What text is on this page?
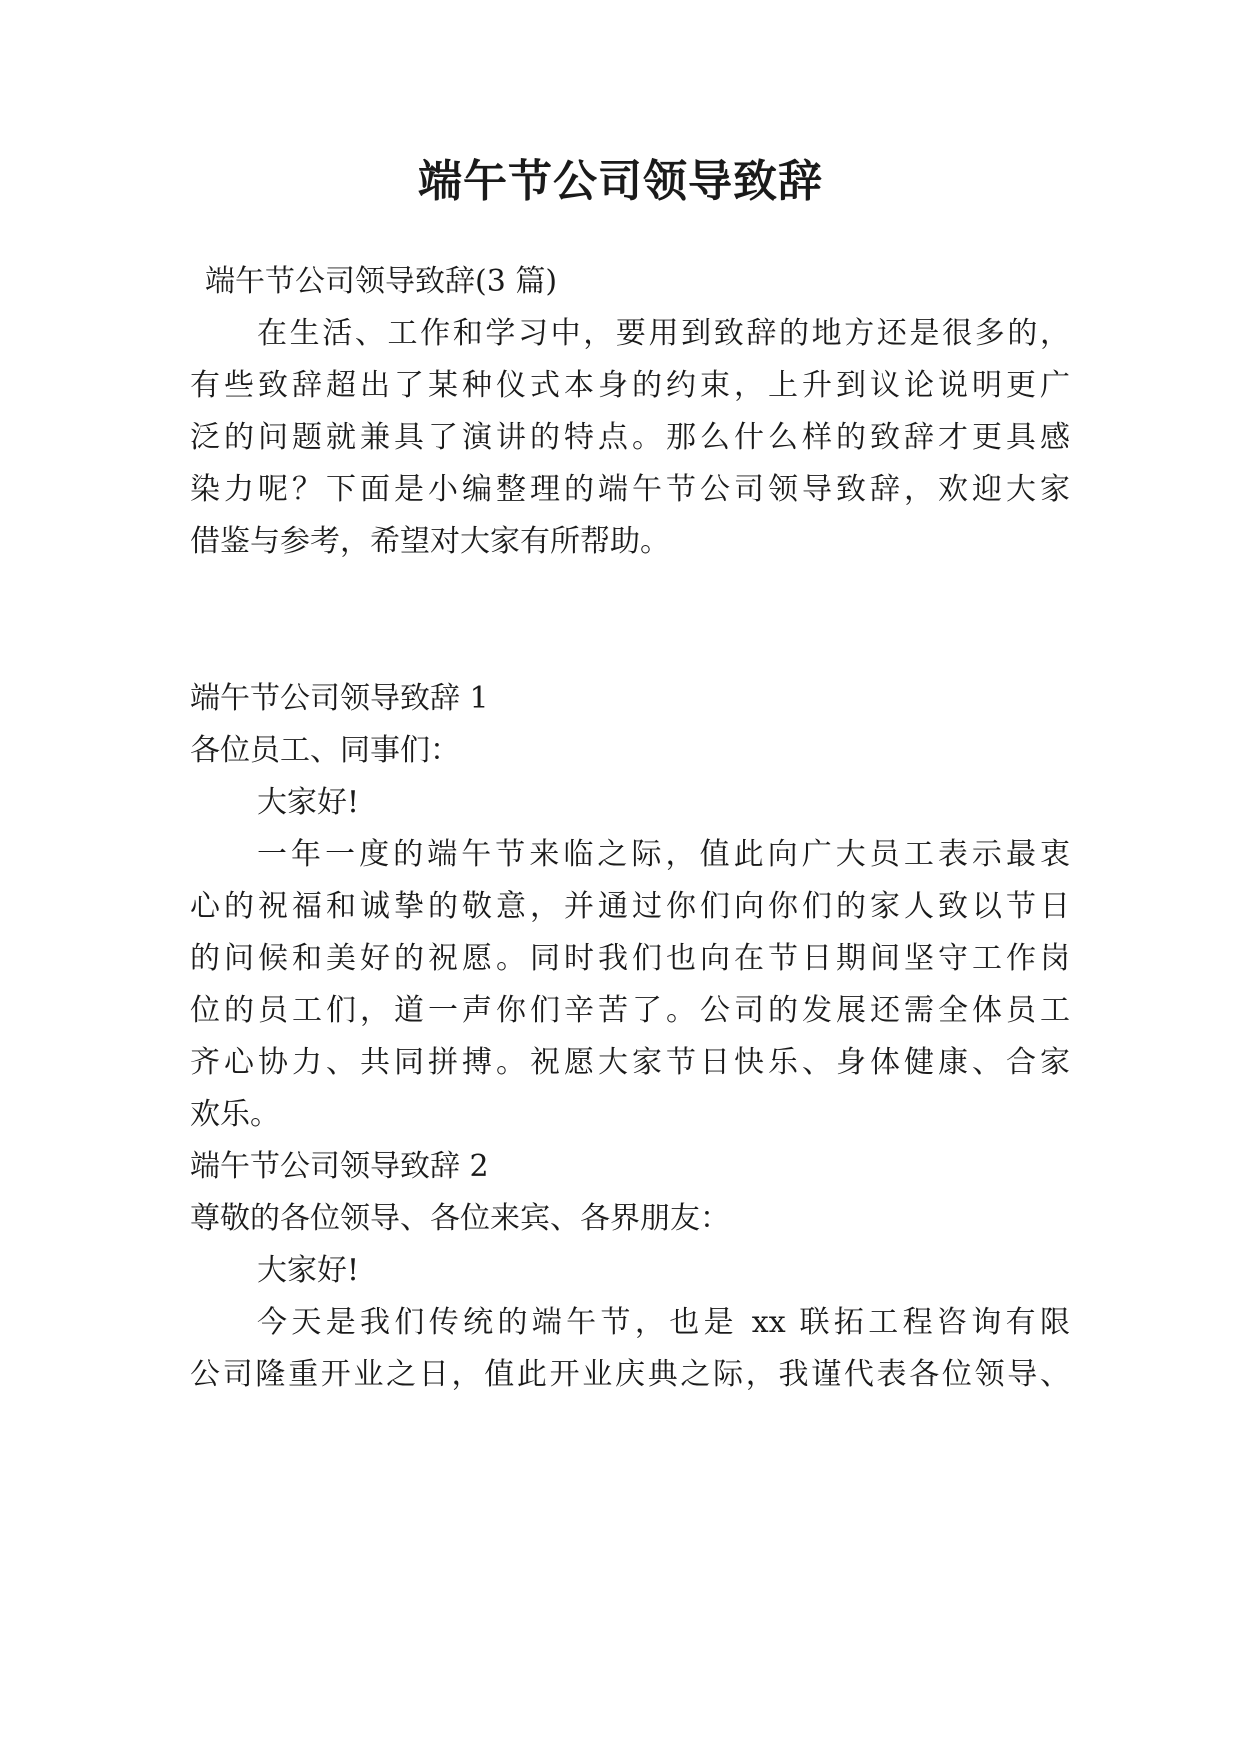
端午节公司领导致辞
端午节公司领导致辞(3 篇)
在生活、工作和学习中，要用到致辞的地方还是很多的，
有些致辞超出了某种仪式本身的约束，上升到议论说明更广
泛的问题就兼具了演讲的特点。那么什么样的致辞才更具感
染力呢？下面是小编整理的端午节公司领导致辞，欢迎大家
借鉴与参考，希望对大家有所帮助。
端午节公司领导致辞 1
各位员工、同事们：
大家好!
一年一度的端午节来临之际，值此向广大员工表示最衷
心的祝福和诚挚的敬意，并通过你们向你们的家人致以节日
的问候和美好的祝愿。同时我们也向在节日期间坚守工作岗
位的员工们，道一声你们辛苦了。公司的发展还需全体员工
齐心协力、共同拼搏。祝愿大家节日快乐、身体健康、合家
欢乐。
端午节公司领导致辞 2
尊敬的各位领导、各位来宾、各界朋友：
大家好!
今天是我们传统的端午节，也是 xx 联拓工程咨询有限
公司隆重开业之日，值此开业庆典之际，我谨代表各位领导、
